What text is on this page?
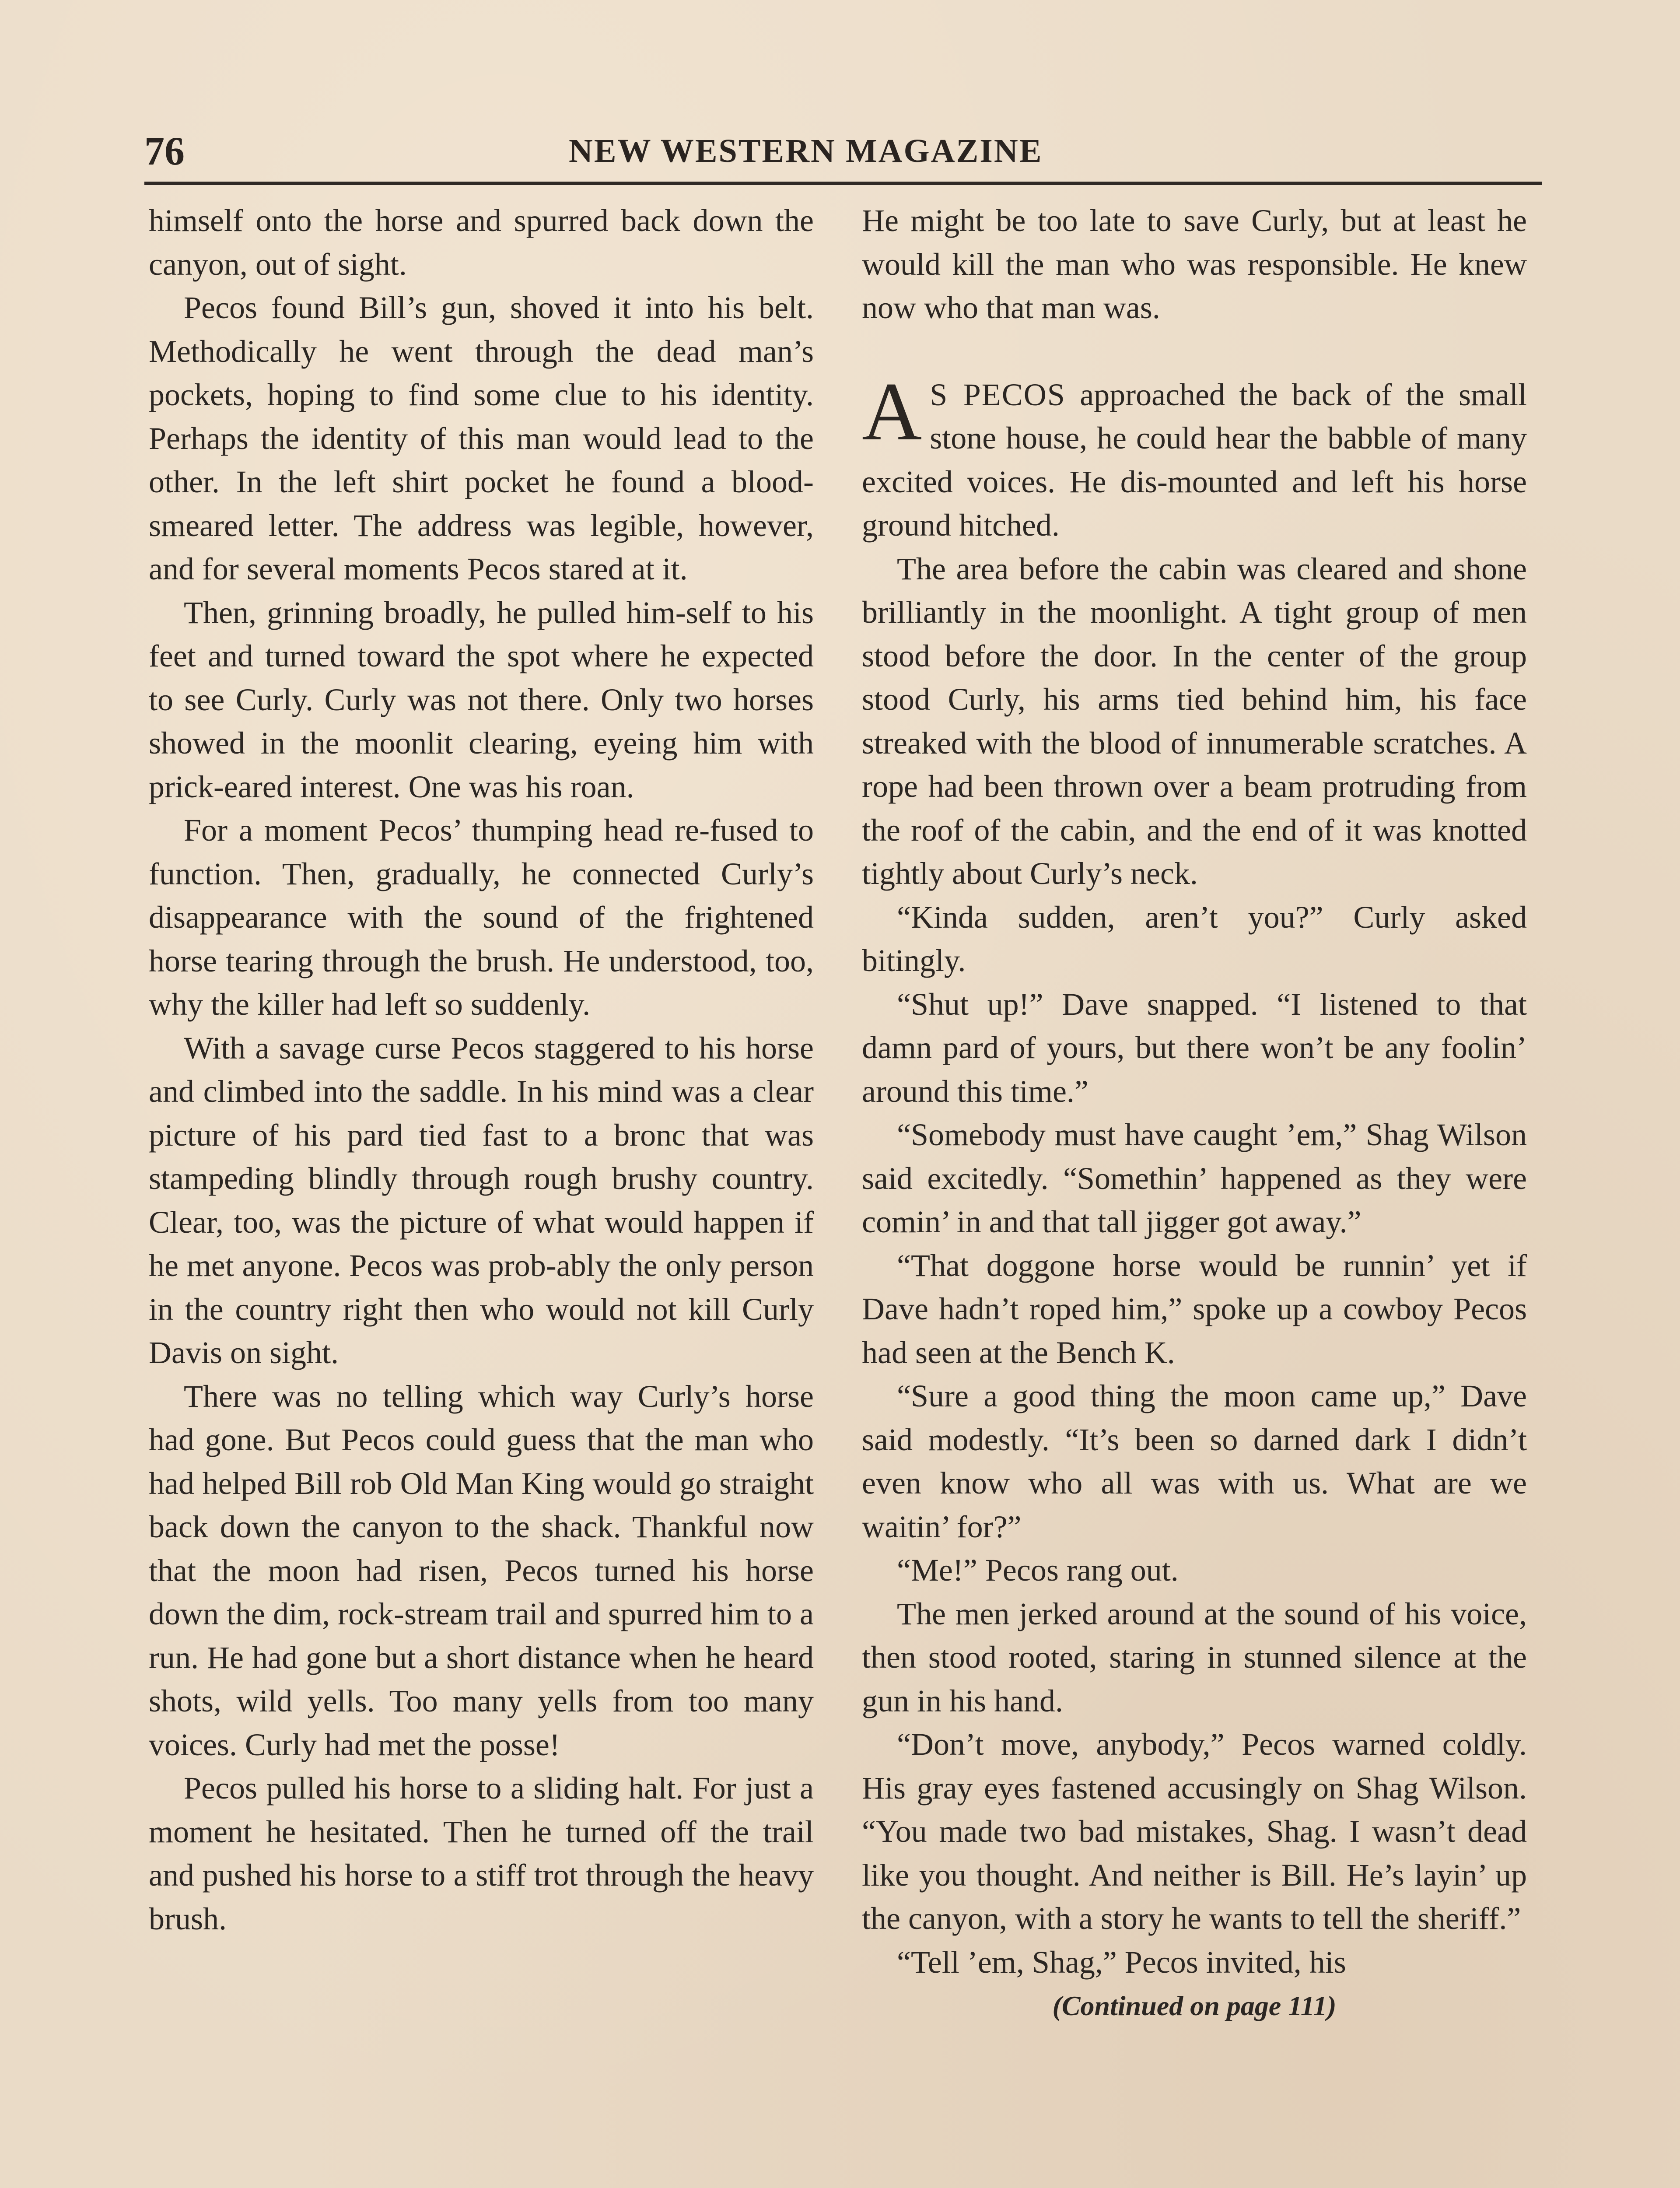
76	NEW WESTERN MAGAZINE

himself onto the horse and spurred back down the canyon, out of sight.

Pecos found Bill’s gun, shoved it into his belt. Methodically he went through the dead man’s pockets, hoping to find some clue to his identity. Perhaps the identity of this man would lead to the other. In the left shirt pocket he found a blood-smeared letter. The address was legible, however, and for several moments Pecos stared at it.

Then, grinning broadly, he pulled him-self to his feet and turned toward the spot where he expected to see Curly. Curly was not there. Only two horses showed in the moonlit clearing, eyeing him with prick-eared interest. One was his roan.

For a moment Pecos’ thumping head re-fused to function. Then, gradually, he connected Curly’s disappearance with the sound of the frightened horse tearing through the brush. He understood, too, why the killer had left so suddenly.

With a savage curse Pecos staggered to his horse and climbed into the saddle. In his mind was a clear picture of his pard tied fast to a bronc that was stampeding blindly through rough brushy country. Clear, too, was the picture of what would happen if he met anyone. Pecos was prob-ably the only person in the country right then who would not kill Curly Davis on sight.

There was no telling which way Curly’s horse had gone. But Pecos could guess that the man who had helped Bill rob Old Man King would go straight back down the canyon to the shack. Thankful now that the moon had risen, Pecos turned his horse down the dim, rock-stream trail and spurred him to a run. He had gone but a short distance when he heard shots, wild yells. Too many yells from too many voices. Curly had met the posse!

Pecos pulled his horse to a sliding halt. For just a moment he hesitated. Then he turned off the trail and pushed his horse to a stiff trot through the heavy brush.

He might be too late to save Curly, but at least he would kill the man who was responsible. He knew now who that man was.

A S PECOS approached the back of the small stone house, he could hear the babble of many excited voices. He dis-mounted and left his horse ground hitched.

The area before the cabin was cleared and shone brilliantly in the moonlight. A tight group of men stood before the door. In the center of the group stood Curly, his arms tied behind him, his face streaked with the blood of innumerable scratches. A rope had been thrown over a beam protruding from the roof of the cabin, and the end of it was knotted tightly about Curly’s neck.

“Kinda sudden, aren’t you?” Curly asked bitingly.

“Shut up!” Dave snapped. “I listened to that damn pard of yours, but there won’t be any foolin’ around this time.”

“Somebody must have caught ’em,” Shag Wilson said excitedly. “Somethin’ happened as they were comin’ in and that tall jigger got away.”

“That doggone horse would be runnin’ yet if Dave hadn’t roped him,” spoke up a cowboy Pecos had seen at the Bench K.

“Sure a good thing the moon came up,” Dave said modestly. “It’s been so darned dark I didn’t even know who all was with us. What are we waitin’ for?”

“Me!” Pecos rang out.

The men jerked around at the sound of his voice, then stood rooted, staring in stunned silence at the gun in his hand.

“Don’t move, anybody,” Pecos warned coldly. His gray eyes fastened accusingly on Shag Wilson. “You made two bad mistakes, Shag. I wasn’t dead like you thought. And neither is Bill. He’s layin’ up the canyon, with a story he wants to tell the sheriff.”

“Tell ’em, Shag,” Pecos invited, his

(Continued on page 111)
